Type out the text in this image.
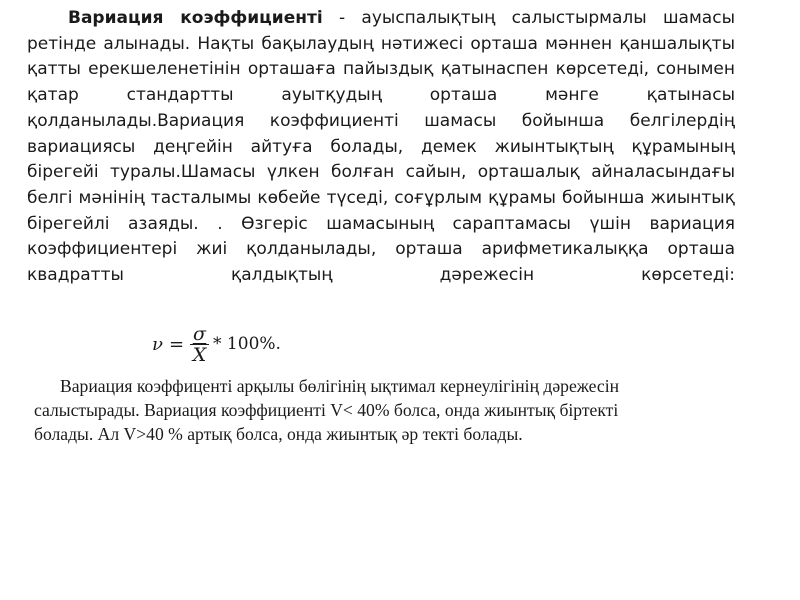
Вариация коэффициенті - ауыспалықтың салыстырмалы шамасы ретінде алынады. Нақты бақылаудың нәтижесі орташа мәннен қаншалықты қатты ерекшеленетінін орташаға пайыздық қатынаспен көрсетеді, сонымен қатар стандартты ауытқудың орташа мәнге қатынасы қолданылады.Вариация коэффициенті шамасы бойынша белгілердің вариациясы деңгейін айтуға болады, демек жиынтықтың құрамының бірегейі туралы.Шамасы үлкен болған сайын, орташалық айналасындағы белгі мәнінің тасталымы көбейе түседі, соғұрлым құрамы бойынша жиынтық бірегейлі азаяды. . Өзгеріс шамасының сараптамасы үшін вариация коэффициентері жиі қолданылады, орташа арифметикалыққа орташа квадратты қалдықтың дәрежесін көрсетеді:

$\nu = \frac{\sigma}{X} * 100\%$.

Вариация коэффиценті арқылы бөлігінің ықтимал кернеулігінің дәрежесін салыстырады. Вариация коэффициенті V< 40% болса, онда жиынтық біртекті болады. Ал V>40 % артық болса, онда жиынтық әр текті болады.
